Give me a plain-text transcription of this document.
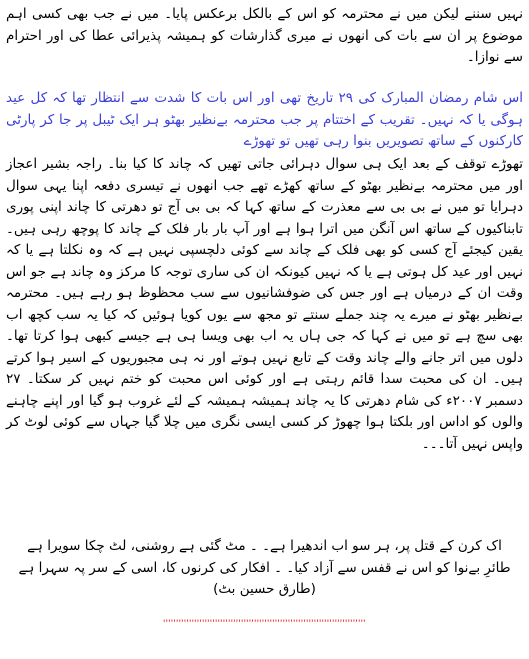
نہیں سننے لیکن میں نے محترمہ کو اس کے بالکل برعکس پایا۔ میں نے جب بھی کسی اہم موضوع پر ان سے بات کی انھوں نے میری گذارشات کو ہمیشہ پذیرائی عطا کی اور احترام سے نوازا۔

اس شام رمضان المبارک کی ۲۹ تاریخ تھی اور اس بات کا شدت سے انتظار تھا کہ کل عید ہوگی یا کہ نہیں۔ تقریب کے اختتام پر جب محترمہ بےنظیر بھٹو ہر ایک ٹیبل پر جا کر پارٹی کارکنوں کے ساتھ تصویریں بنوا رہی تھیں تو تھوڑے

تھوڑے توقف کے بعد ایک ہی سوال دہرائی جاتی تھیں کہ چاند کا کیا بنا۔ راجہ بشیر اعجاز اور میں محترمہ بےنظیر بھٹو کے ساتھ کھڑے تھے جب انھوں نے تیسری دفعہ اپنا یہی سوال دہرایا تو میں نے بی بی سے معذرت کے ساتھ کہا کہ بی بی آج تو دھرتی کا چاند اپنی پوری تابناکیوں کے ساتھ اس آنگن میں اترا ہوا ہے اور آپ بار بار فلک کے چاند کا پوچھ رہی ہیں۔ یقین کیجئے آج کسی کو بھی فلک کے چاند سے کوئی دلچسپی نہیں ہے کہ وہ نکلتا ہے یا کہ نہیں اور عید کل ہوتی ہے یا کہ نہیں کیونکہ ان کی ساری توجہ کا مرکز وہ چاند ہے جو اس وقت ان کے درمیاں ہے اور جس کی ضوفشانیوں سے سب محظوظ ہو رہے ہیں۔ محترمہ بےنظیر بھٹو نے میرے یہ چند جملے سنتے تو مجھ سے یوں کویا ہوئیں کہ کیا یہ سب کچھ اب بھی سچ ہے تو میں نے کہا کہ جی ہاں یہ اب بھی ویسا ہی ہے جیسے کبھی ہوا کرتا تھا۔ دلوں میں اتر جانے والے چاند وقت کے تابع نہیں ہوتے اور نہ ہی مجبوریوں کے اسیر ہوا کرتے ہیں۔ ان کی محبت سدا قائم رہتی ہے اور کوئی اس محبت کو ختم نہیں کر سکتا۔ ۲۷ دسمبر ۲۰۰۷ء کی شام دھرتی کا یہ چاند ہمیشہ ہمیشہ کے لئے غروب ہو گیا اور اپنے چاہنے والوں کو اداس اور بلکتا ہوا چھوڑ کر کسی ایسی نگری میں چلا گیا جہاں سے کوئی لوٹ کر واپس نہیں آتا۔۔۔

اک کرن کے قتل پر، ہر سو اب اندھیرا ہے۔ ۔ مٹ گئی ہے روشنی، لٹ چکا سویرا ہے
طائرِ بےنوا کو اس نے قفس سے آزاد کیا۔ ۔ افکار کی کرنوں کا، اسی کے سر پہ سہرا ہے
(طارق حسین بٹ)
''''''''''''''''''''''''''''''''''''''''''''''''''''''''''''''''''''''''''''''
